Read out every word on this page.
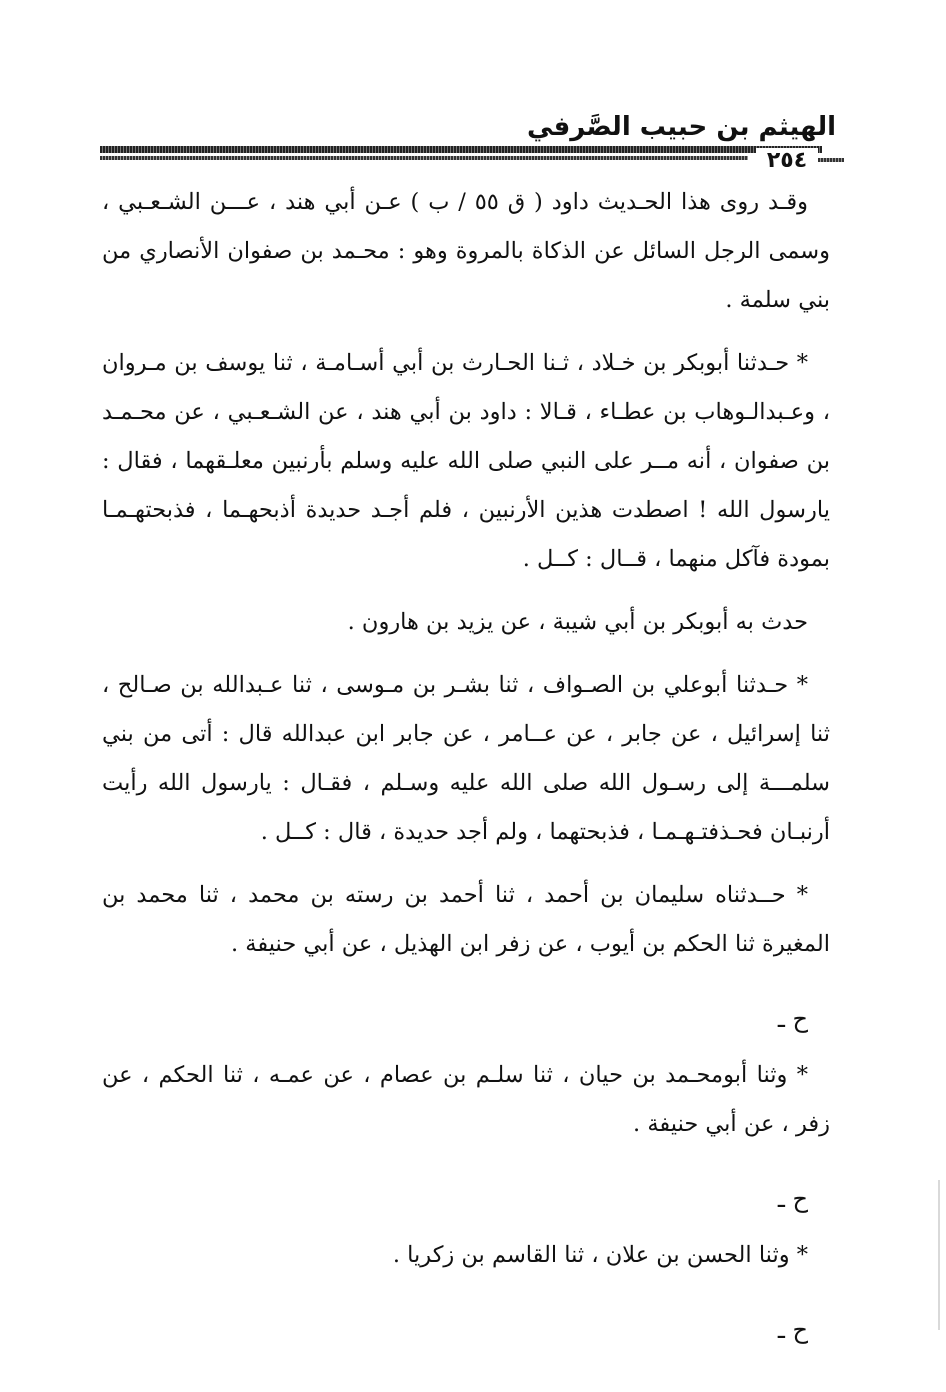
الهيثم بن حبيب الصَّرفي
٢٥٤

وقـد روى هذا الحـديث داود ( ق ٥٥ / ب ) عـن أبي هند ، عـــن الشـعـبي ، وسمى الرجل السائل عن الذكاة بالمروة وهو : محـمد بن صفوان الأنصاري من بني سلمة .

* حـدثنا أبوبكر بن خـلاد ، ثـنا الحـارث بن أبي أسـامـة ، ثنا يوسف بن مـروان ، وعـبدالـوهاب بن عطـاء ، قـالا : داود بن أبي هند ، عن الشـعـبي ، عن محـمـد بن صفوان ، أنه مــر على النبي صلى الله عليه وسلم بأرنبين معلـقهما ، فقال : يارسول الله ! اصطدت هذين الأرنبين ، فلم أجـد حديدة أذبحهـما ، فذبحتهـمـا بمودة فآكل منهما ، قــال : كــل .

حدث به أبوبكر بن أبي شيبة ، عن يزيد بن هارون .

* حـدثنا أبوعلي بن الصـواف ، ثنا بشـر بن مـوسى ، ثنا عـبدالله بن صـالح ، ثنا إسرائيل ، عن جابر ، عن عــامر ، عن جابر ابن عبدالله قال : أتى من بني سلمـــة إلى رسـول الله صلى الله عليه وسـلم ، فقـال : يارسول الله رأيت أرنبـان فحـذفتـهـمـا ، فذبحتهما ، ولم أجد حديدة ، قال : كــل .

* حــدثناه سليمان بن أحمد ، ثنا أحمد بن رسته بن محمد ، ثنا محمد بن المغيرة ثنا الحكم بن أيوب ، عن زفر ابن الهذيل ، عن أبي حنيفة .

ح ـ

* وثنا أبومحـمد بن حيان ، ثنا سلـم بن عصام ، عن عمـه ، ثنا الحكم ، عن زفر ، عن أبي حنيفة .

ح ـ

* وثنا الحسن بن علان ، ثنا القاسم بن زكريا .

ح ـ
